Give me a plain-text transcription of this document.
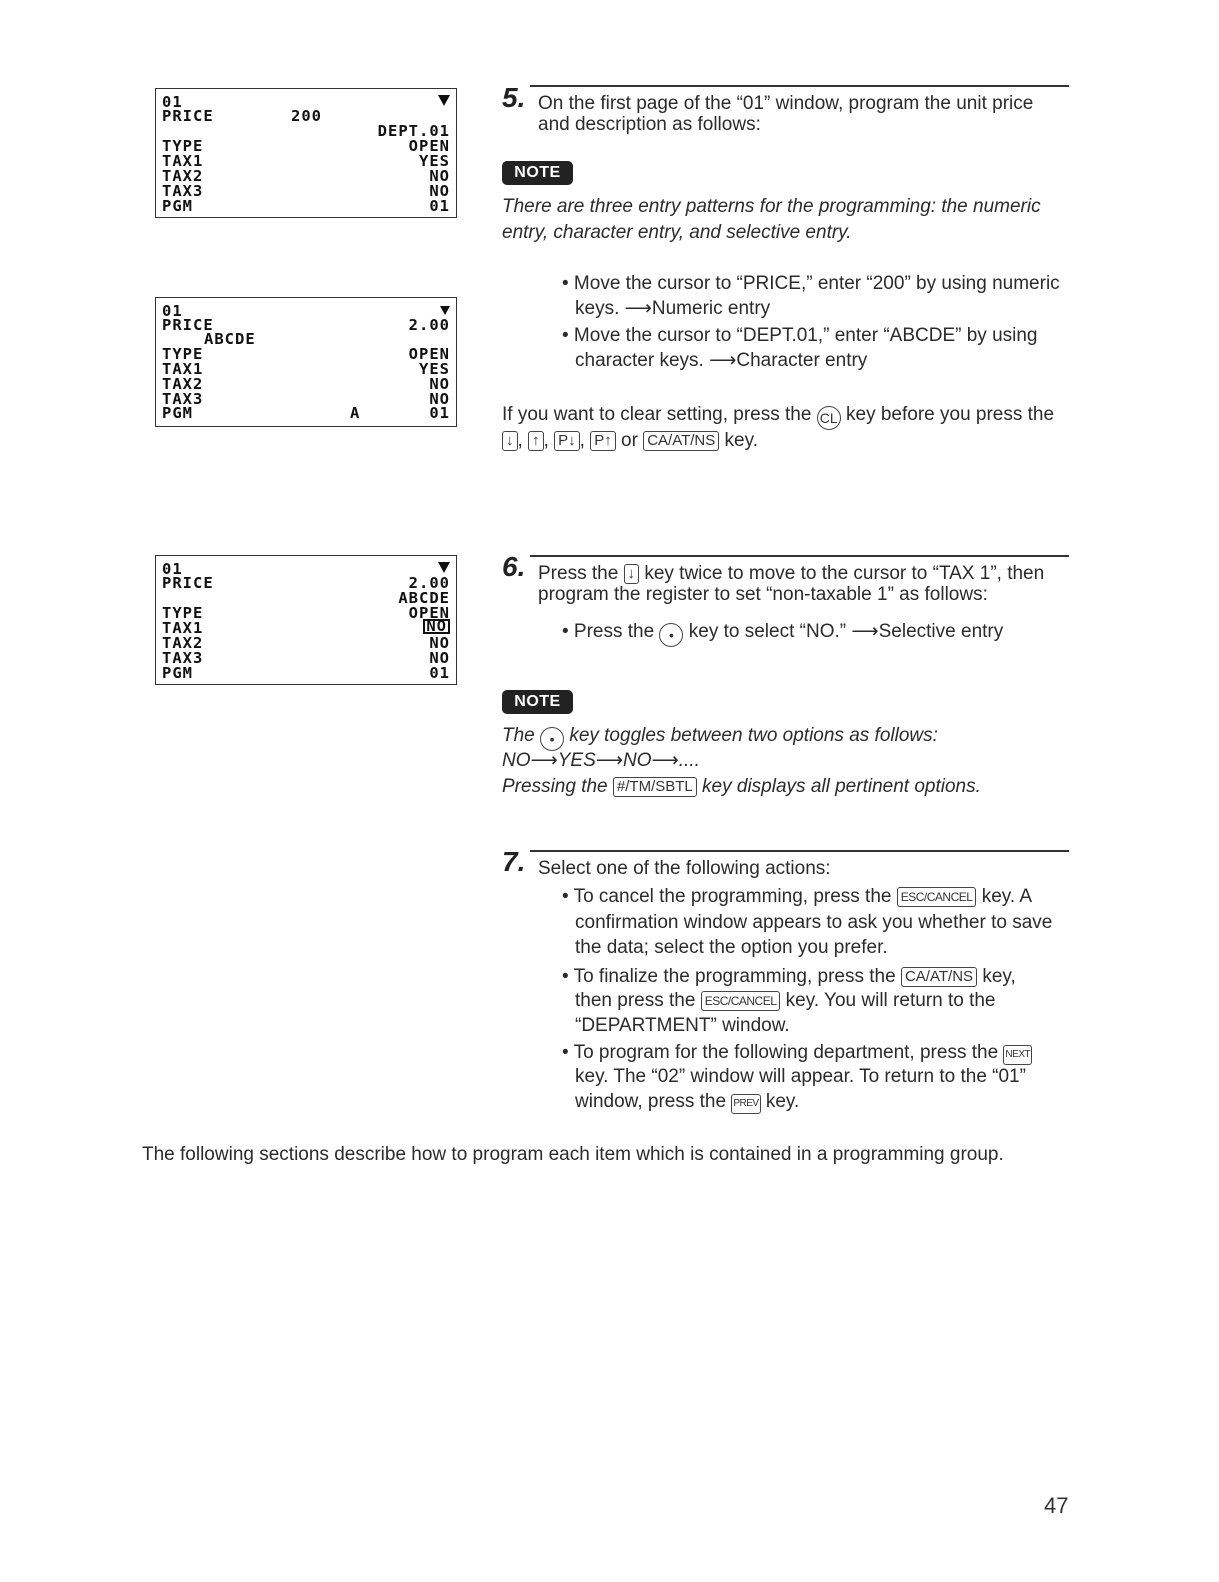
01
PRICE	200
DEPT.01
TYPE	OPEN
TAX1	YES
TAX2	NO
TAX3	NO
PGM	01
01
PRICE	2.00
ABCDE
TYPE	OPEN
TAX1	YES
TAX2	NO
TAX3	NO
PGM	A	01
01
PRICE	2.00
ABCDE
TYPE	OPEN
TAX1	NO
TAX2	NO
TAX3	NO
PGM	01
5. On the first page of the “01” window, program the unit price
and description as follows:
NOTE
There are three entry patterns for the programming: the numeric
entry, character entry, and selective entry.
• Move the cursor to “PRICE,” enter “200” by using numeric
keys. ⟶Numeric entry
• Move the cursor to “DEPT.01,” enter “ABCDE” by using
character keys. ⟶Character entry
If you want to clear setting, press the CL key before you press the
↓ , ↑ , P↓ , P↑ or CA/AT/NS key.
6. Press the ↓ key twice to move to the cursor to “TAX 1”, then
program the register to set “non-taxable 1” as follows:
• Press the • key to select “NO.” ⟶Selective entry
NOTE
The • key toggles between two options as follows:
NO⟶YES⟶NO⟶....
Pressing the #/TM/SBTL key displays all pertinent options.
7. Select one of the following actions:
• To cancel the programming, press the ESC/CANCEL key. A
confirmation window appears to ask you whether to save
the data; select the option you prefer.
• To finalize the programming, press the CA/AT/NS key,
then press the ESC/CANCEL key. You will return to the
“DEPARTMENT” window.
• To program for the following department, press the NEXT
key. The “02” window will appear. To return to the “01”
window, press the PREV key.
The following sections describe how to program each item which is contained in a programming group.
47
